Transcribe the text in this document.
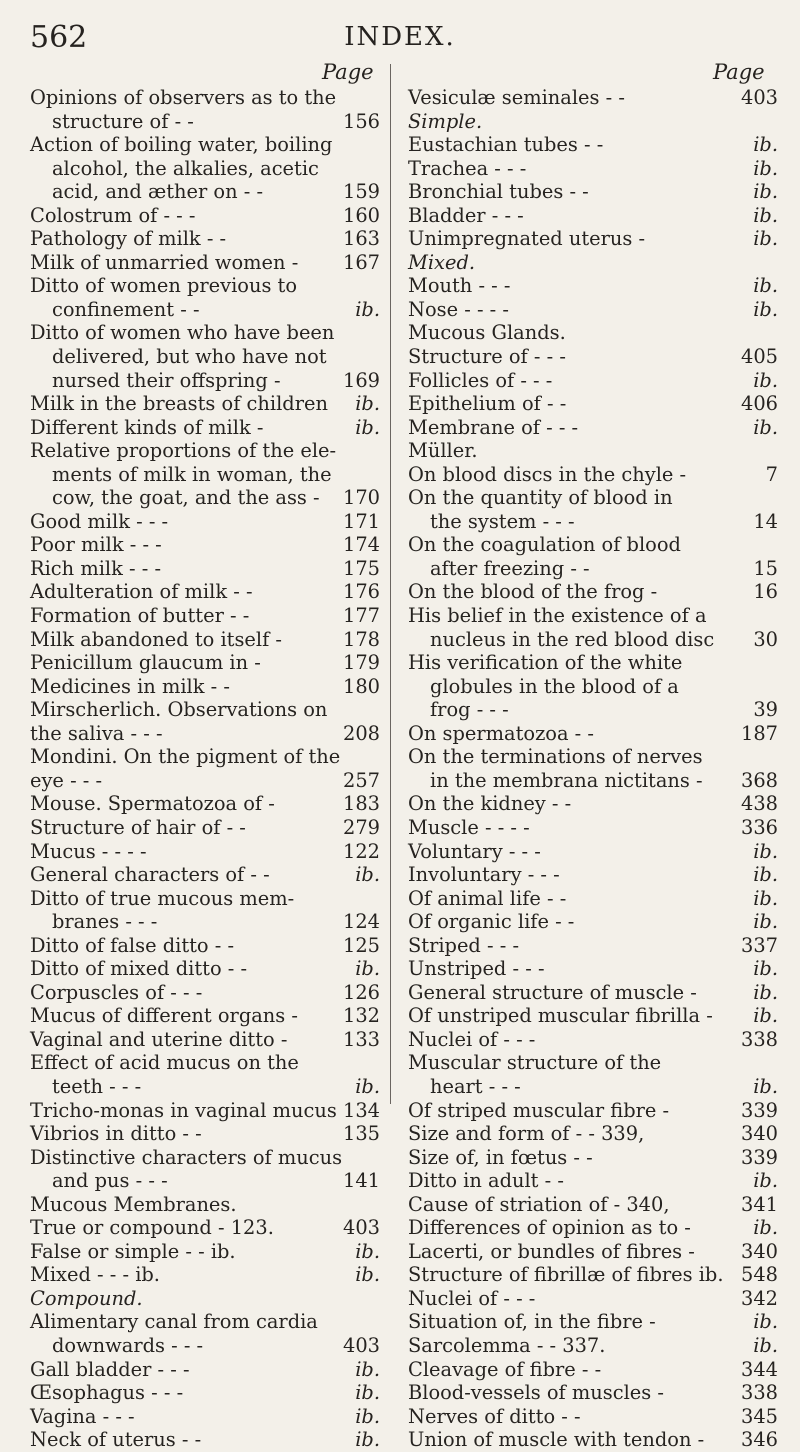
562	INDEX.
Page	Page
Opinions of observers as to the
structure of - -	156
Action of boiling water, boiling
alcohol, the alkalies, acetic
acid, and æther on - -	159
Colostrum of - - -	160
Pathology of milk - -	163
Milk of unmarried women -	167
Ditto of women previous to
confinement - -	ib.
Ditto of women who have been
delivered, but who have not
nursed their offspring -	169
Milk in the breasts of children	ib.
Different kinds of milk -	ib.
Relative proportions of the ele-
ments of milk in woman, the
cow, the goat, and the ass -	170
Good milk - - -	171
Poor milk - - -	174
Rich milk - - -	175
Adulteration of milk - -	176
Formation of butter - -	177
Milk abandoned to itself -	178
Penicillum glaucum in -	179
Medicines in milk - -	180
Mirscherlich. Observations on
the saliva - - -	208
Mondini. On the pigment of the
eye - - -	257
Mouse. Spermatozoa of -	183
Structure of hair of - -	279
Mucus - - - -	122
General characters of - -	ib.
Ditto of true mucous mem-
branes - - -	124
Ditto of false ditto - -	125
Ditto of mixed ditto - -	ib.
Corpuscles of - - -	126
Mucus of different organs -	132
Vaginal and uterine ditto -	133
Effect of acid mucus on the
teeth - - -	ib.
Tricho-monas in vaginal mucus 134
Vibrios in ditto - -	135
Distinctive characters of mucus
and pus - - -	141
Mucous Membranes.
True or compound - 123.	403
False or simple - - ib.	ib.
Mixed - - - ib.	ib.
Compound.
Alimentary canal from cardia
downwards - - -	403
Gall bladder - - -	ib.
Œsophagus - - -	ib.
Vagina - - -	ib.
Neck of uterus - -	ib.
Vesiculæ seminales - -	403
Simple.
Eustachian tubes - -	ib.
Trachea - - -	ib.
Bronchial tubes - -	ib.
Bladder - - -	ib.
Unimpregnated uterus -	ib.
Mixed.
Mouth - - -	ib.
Nose - - - -	ib.
Mucous Glands.
Structure of - - -	405
Follicles of - - -	ib.
Epithelium of - -	406
Membrane of - - -	ib.
Müller.
On blood discs in the chyle -	7
On the quantity of blood in
the system - - -	14
On the coagulation of blood
after freezing - -	15
On the blood of the frog -	16
His belief in the existence of a
nucleus in the red blood disc	30
His verification of the white
globules in the blood of a
frog - - -	39
On spermatozoa - -	187
On the terminations of nerves
in the membrana nictitans -	368
On the kidney - -	438
Muscle - - - -	336
Voluntary - - -	ib.
Involuntary - - -	ib.
Of animal life - -	ib.
Of organic life - -	ib.
Striped - - -	337
Unstriped - - -	ib.
General structure of muscle -	ib.
Of unstriped muscular fibrilla -	ib.
Nuclei of - - -	338
Muscular structure of the
heart - - -	ib.
Of striped muscular fibre -	339
Size and form of - - 339,	340
Size of, in fœtus - -	339
Ditto in adult - -	ib.
Cause of striation of - 340,	341
Differences of opinion as to -	ib.
Lacerti, or bundles of fibres -	340
Structure of fibrillæ of fibres ib. 548
Nuclei of - - -	342
Situation of, in the fibre -	ib.
Sarcolemma - - 337.	ib.
Cleavage of fibre - -	344
Blood-vessels of muscles -	338
Nerves of ditto - -	345
Union of muscle with tendon -	346
